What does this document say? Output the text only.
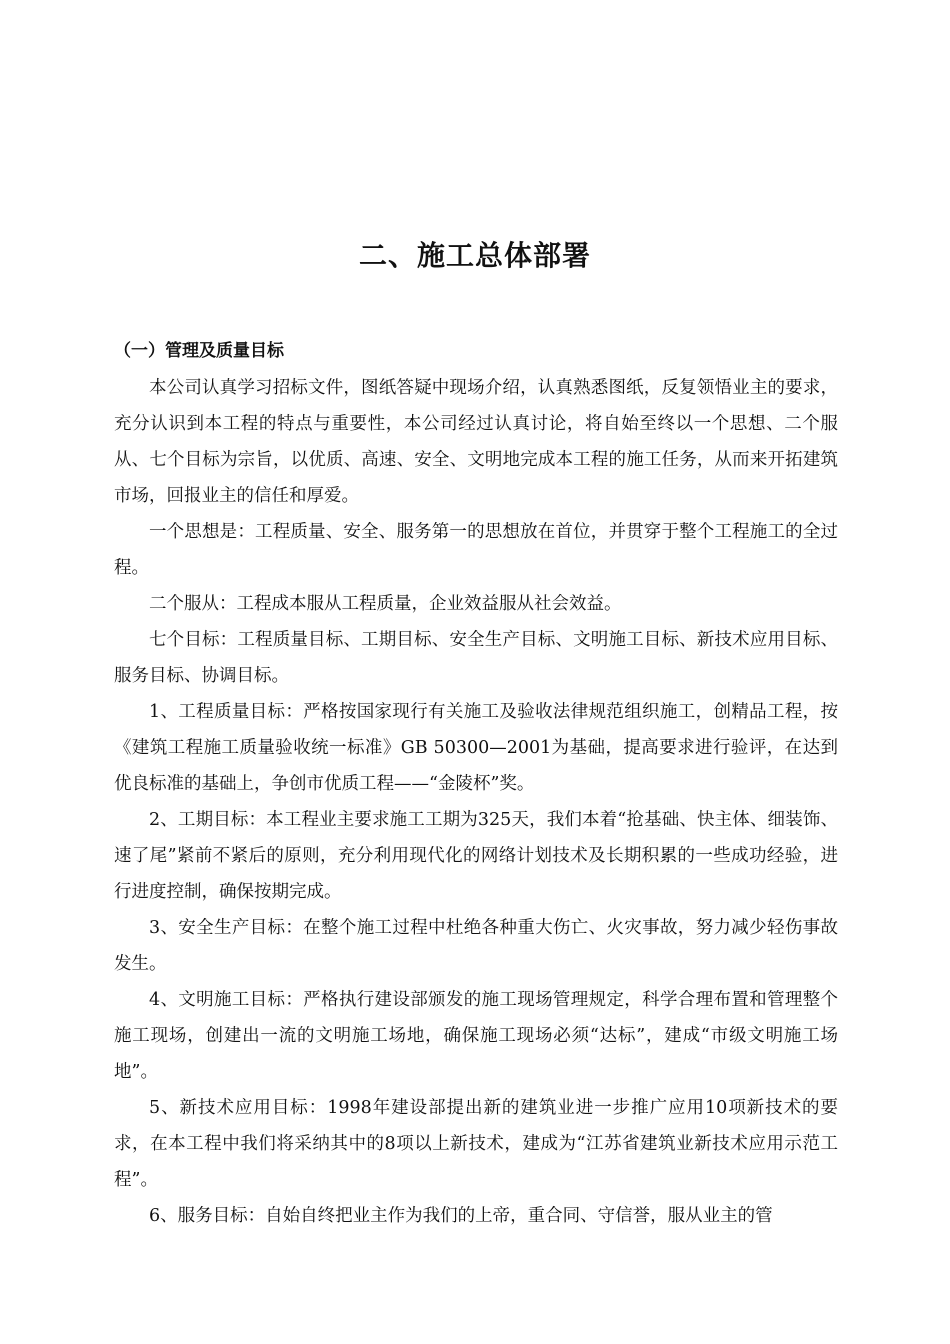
二、施工总体部署
（一）管理及质量目标

本公司认真学习招标文件，图纸答疑中现场介绍，认真熟悉图纸，反复领悟业主的要求，充分认识到本工程的特点与重要性，本公司经过认真讨论，将自始至终以一个思想、二个服从、七个目标为宗旨，以优质、高速、安全、文明地完成本工程的施工任务，从而来开拓建筑市场，回报业主的信任和厚爱。

一个思想是：工程质量、安全、服务第一的思想放在首位，并贯穿于整个工程施工的全过程。

二个服从：工程成本服从工程质量，企业效益服从社会效益。

七个目标：工程质量目标、工期目标、安全生产目标、文明施工目标、新技术应用目标、服务目标、协调目标。

1、工程质量目标：严格按国家现行有关施工及验收法律规范组织施工，创精品工程，按《建筑工程施工质量验收统一标准》GB 50300—2001为基础，提高要求进行验评，在达到优良标准的基础上，争创市优质工程——“金陵杯”奖。

2、工期目标：本工程业主要求施工工期为325天，我们本着“抢基础、快主体、细装饰、速了尾”紧前不紧后的原则，充分利用现代化的网络计划技术及长期积累的一些成功经验，进行进度控制，确保按期完成。

3、安全生产目标：在整个施工过程中杜绝各种重大伤亡、火灾事故，努力减少轻伤事故发生。

4、文明施工目标：严格执行建设部颁发的施工现场管理规定，科学合理布置和管理整个施工现场，创建出一流的文明施工场地，确保施工现场必须“达标”，建成“市级文明施工场地”。

5、新技术应用目标：1998年建设部提出新的建筑业进一步推广应用10项新技术的要求，在本工程中我们将采纳其中的8项以上新技术，建成为“江苏省建筑业新技术应用示范工程”。

6、服务目标：自始自终把业主作为我们的上帝，重合同、守信誉，服从业主的管
